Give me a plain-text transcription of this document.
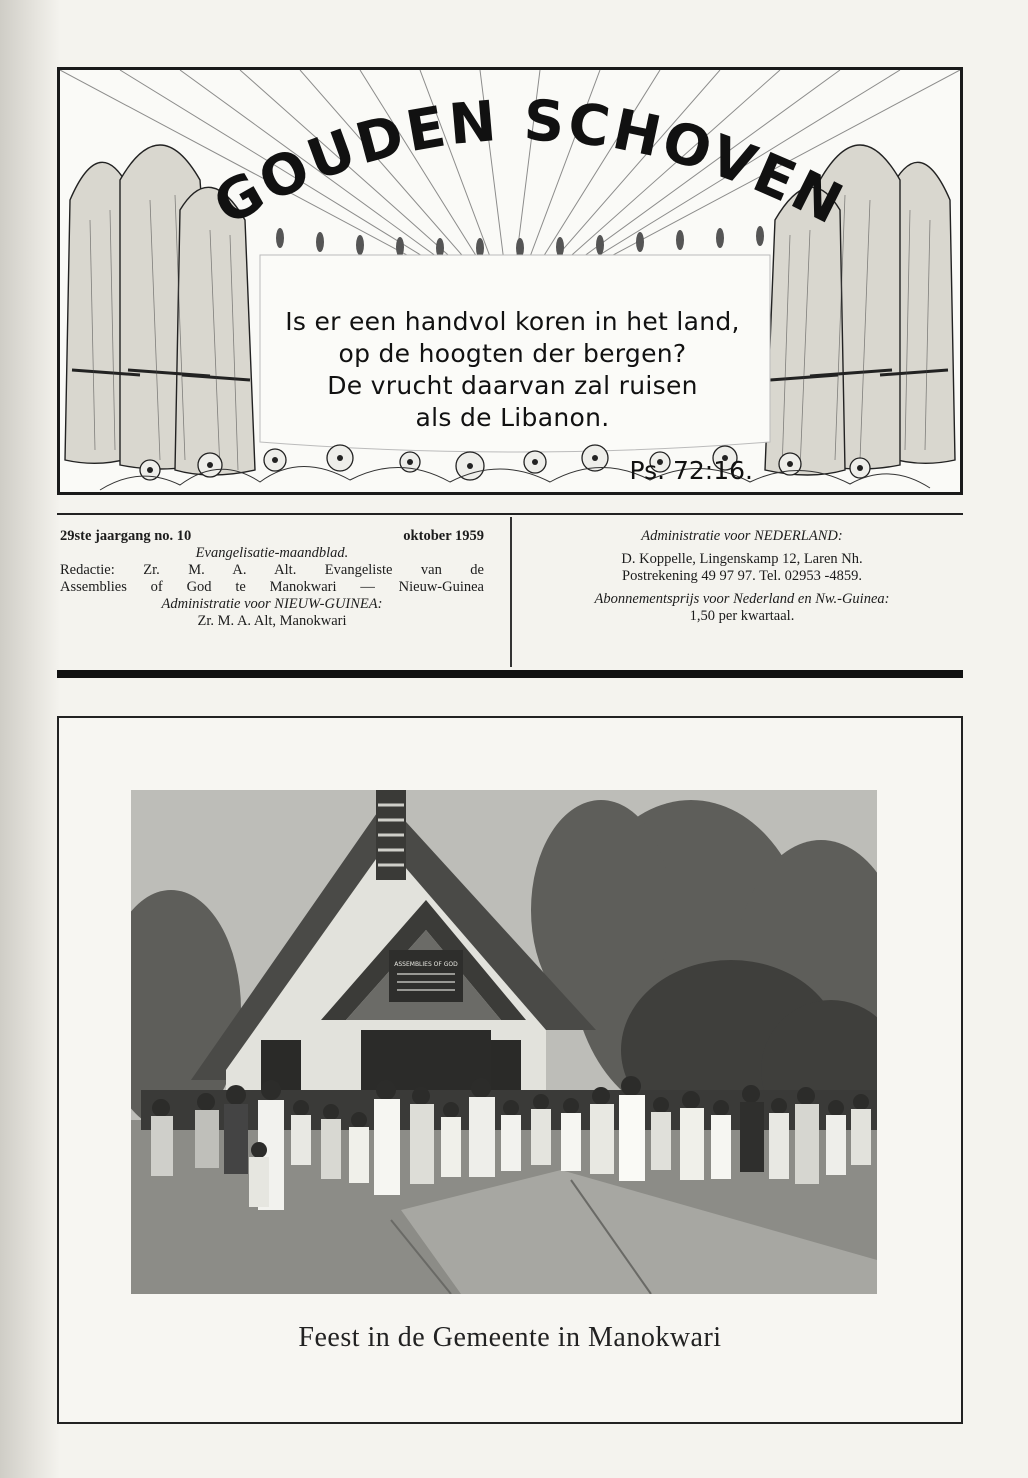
GOUDEN SCHOVEN
Is er een handvol koren in het land,
op de hoogten der bergen?
De vrucht daarvan zal ruisen
als de Libanon.
Ps. 72:16.
29ste jaargang no. 10	oktober 1959
Evangelisatie-maandblad.
Redactie: Zr. M. A. Alt. Evangeliste van de
Assemblies of God te Manokwari — Nieuw-Guinea
Administratie voor NIEUW-GUINEA:
Zr. M. A. Alt, Manokwari
Administratie voor NEDERLAND:
D. Koppelle, Lingenskamp 12, Laren Nh.
Postrekening 49 97 97. Tel. 02953 -4859.
Abonnementsprijs voor Nederland en Nw.-Guinea:
1,50 per kwartaal.
ASSEMBLIES OF GOD
Feest in de Gemeente in Manokwari
